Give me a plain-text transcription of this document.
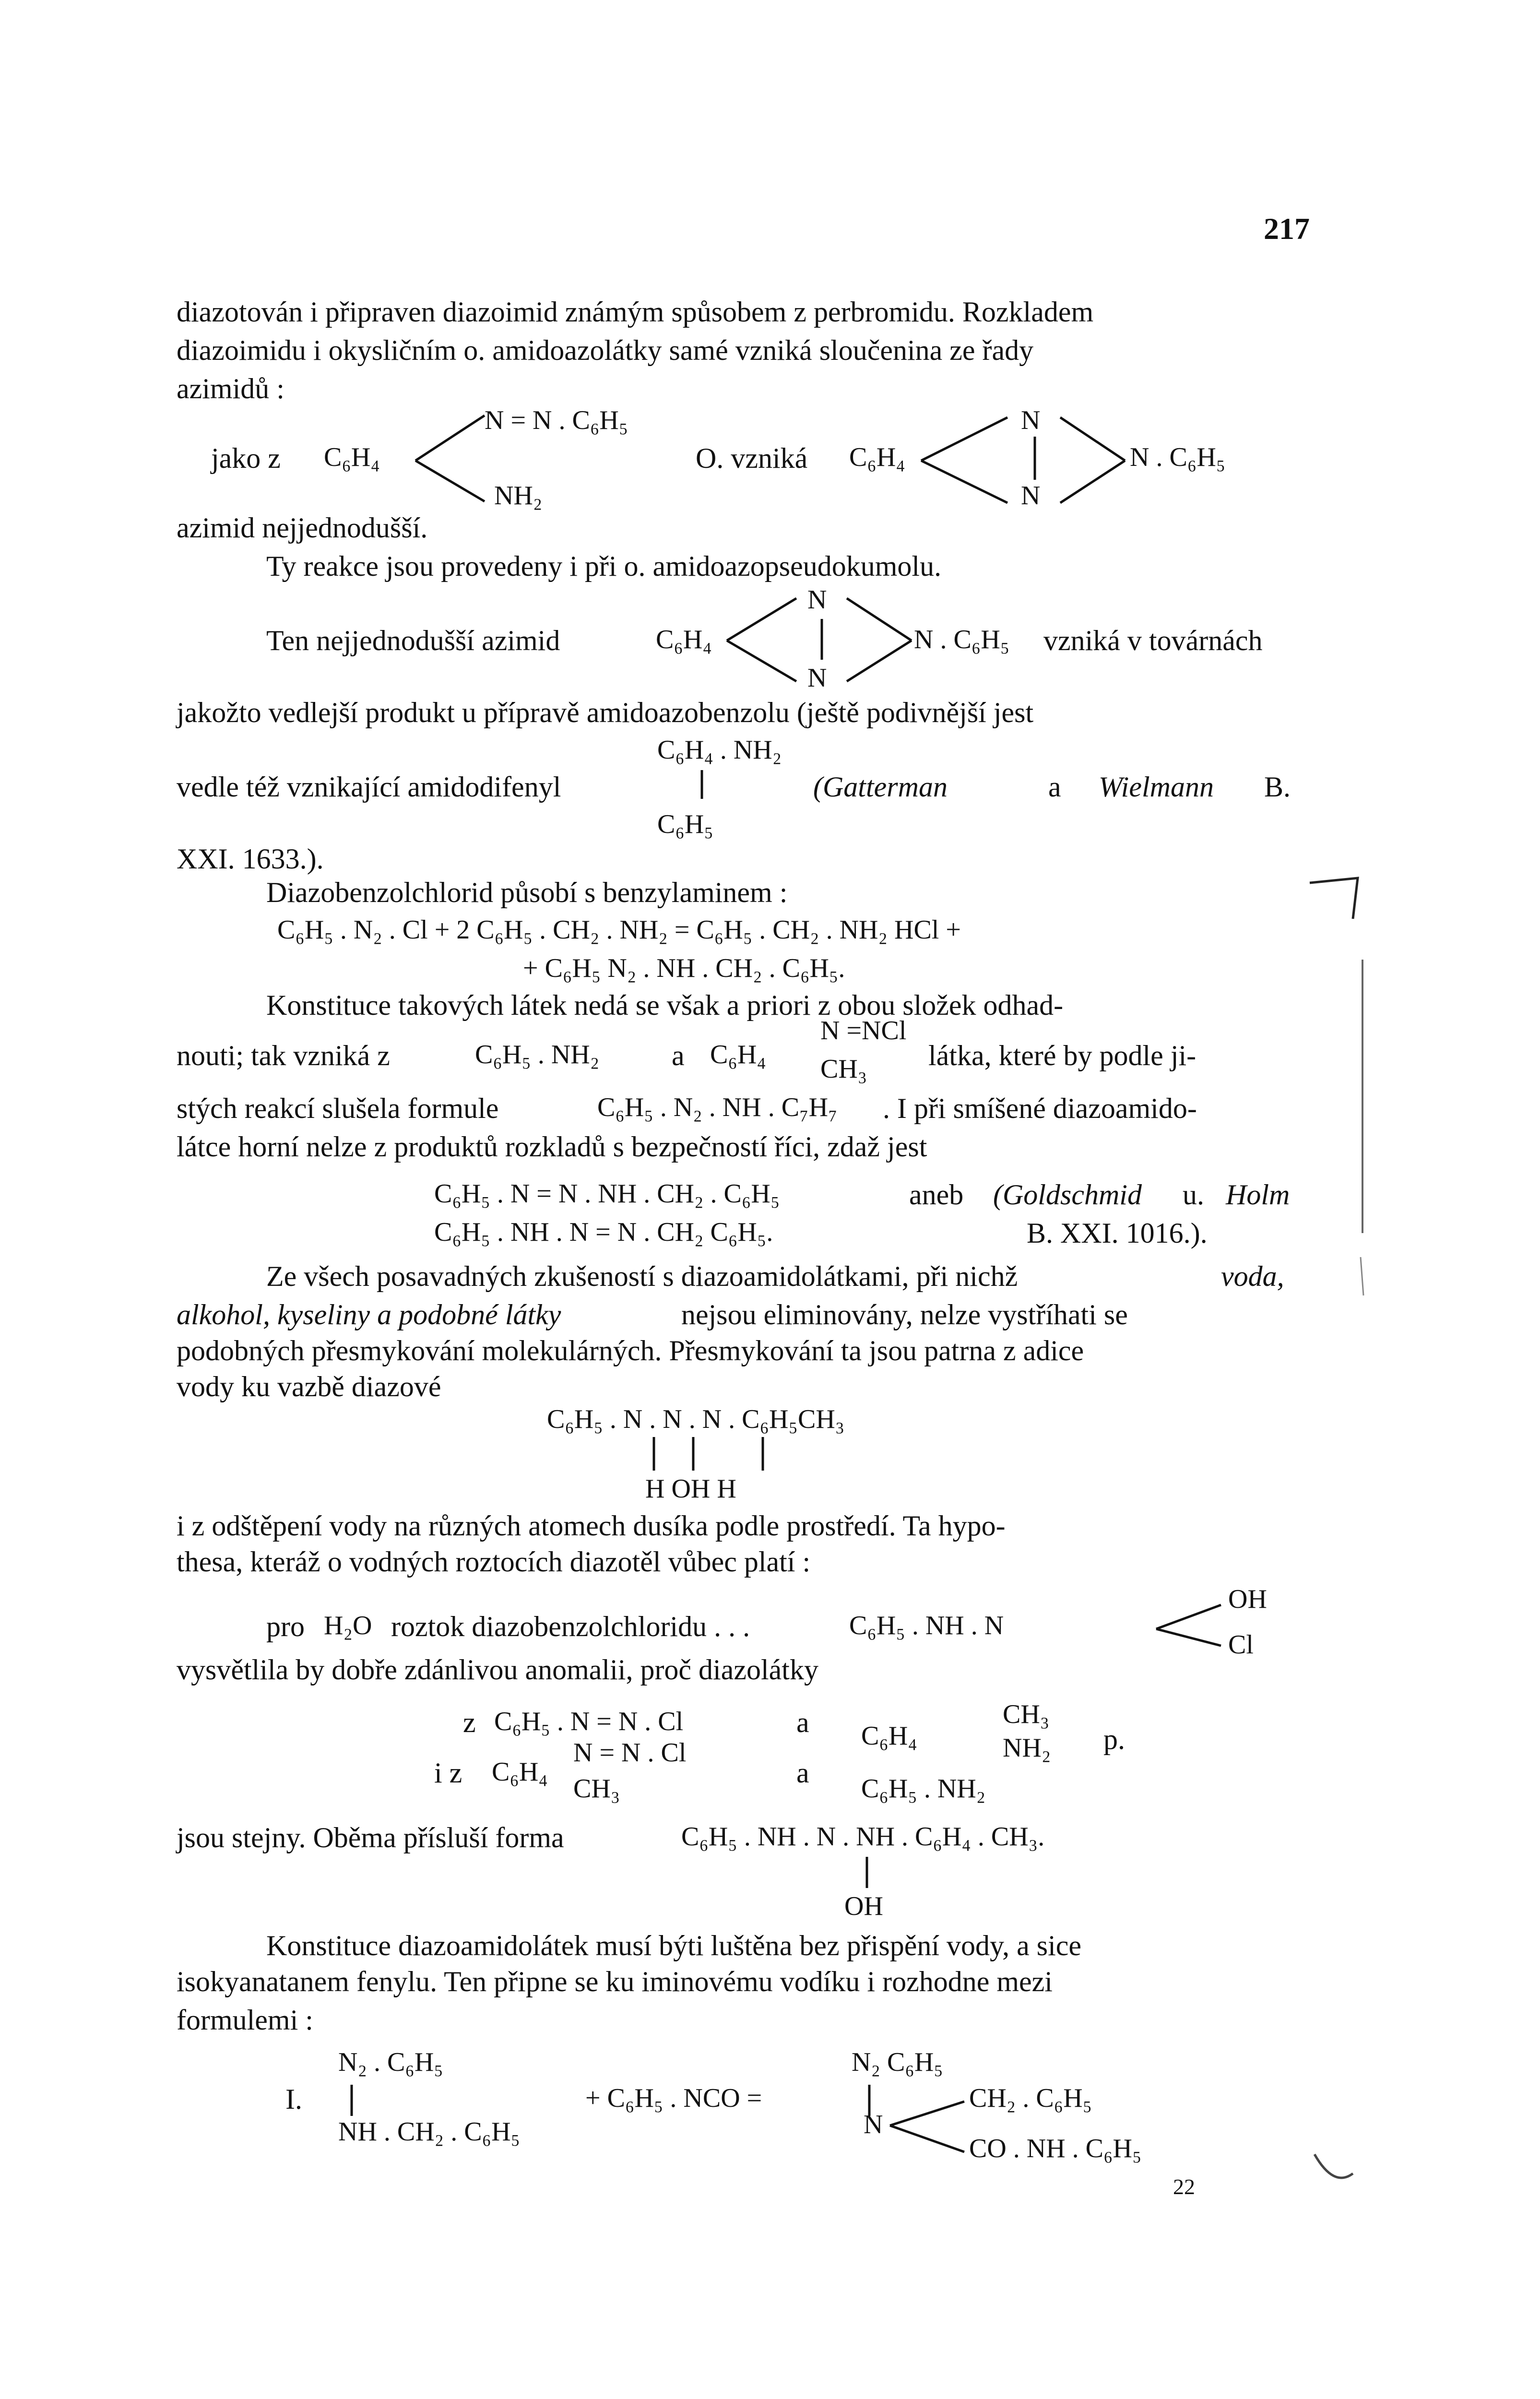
217
diazotován i připraven diazoimid známým spůsobem z perbromidu. Rozkladem
diazoimidu i okysličním o. amidoazolátky samé vzniká sloučenina ze řady
azimidů :
N = N . C₆H₅
jako z C₆H₄
NH₂
O. vzniká C₆H₄
N
N
N . C₆H₅
azimid nejjednodušší.
Ty reakce jsou provedeny i při o. amidoazopseudokumolu.
N
Ten nejjednodušší azimid	C₆H₄
N
N . C₆H₅ vzniká v továrnách
jakožto vedlejší produkt u přípravě amidoazobenzolu (ještě podivnější jest
C₆H₄ . NH₂
vedle též vznikající amidodifenyl	(Gatterman	a Wielmann B.
C₆H₅
XXI. 1633.).
Diazobenzolchlorid působí s benzylaminem :
C₆H₅ . N₂ . Cl + 2 C₆H₅ . CH₂ . NH₂ = C₆H₅ . CH₂ . NH₂ HCl +
+ C₆H₅ N₂ . NH . CH₂ . C₆H₅.
Konstituce takových látek nedá se však a priori z obou složek odhad-
N =NCl
nouti; tak vzniká z	C₆H₅ . NH₂	a C₆H₄ CH₃ látka, které by podle ji-
stých reakcí slušela formule	C₆H₅ . N₂ . NH . C₇H₇ . I při smíšené diazoamido-
látce horní nelze z produktů rozkladů s bezpečností říci, zdaž jest
C₆H₅ . N = N . NH . CH₂ . C₆H₅	aneb (Goldschmid u. Holm
C₆H₅ . NH . N = N . CH₂ C₆H₅.	B. XXI. 1016.).
Ze všech posavadných zkušeností s diazoamidolátkami, při nichž	voda,
alkohol, kyseliny a podobné látky	nejsou eliminovány, nelze vystříhati se
podobných přesmykování molekulárných. Přesmykování ta jsou patrna z adice
vody ku vazbě diazové
C₆H₅ . N . N . N . C₆H₅CH₃
H OH H
i z odštěpení vody na různých atomech dusíka podle prostředí. Ta hypo-
thesa, kteráž o vodných roztocích diazotěl vůbec platí :
OH
pro H₂O roztok diazobenzolchloridu . . .	C₆H₅ . NH . N
Cl
vysvětlila by dobře zdánlivou anomalii, proč diazolátky
z C₆H₅ . N = N . Cl	a	CH₃
C₆H₄	NH₂ p.
N = N . Cl
i z C₆H₄	a
CH₃	C₆H₅ . NH₂
jsou stejny. Oběma přísluší forma	C₆H₅ . NH . N . NH . C₆H₄ . CH₃.
OH
Konstituce diazoamidolátek musí býti luštěna bez přispění vody, a sice
isokyanatanem fenylu. Ten připne se ku iminovému vodíku i rozhodne mezi
formulemi :
N₂ . C₆H₅	N₂ C₆H₅
I.	+ C₆H₅ . NCO =	CH₂ . C₆H₅
NH . CH₂ . C₆H₅	N
CO . NH . C₆H₅
22
